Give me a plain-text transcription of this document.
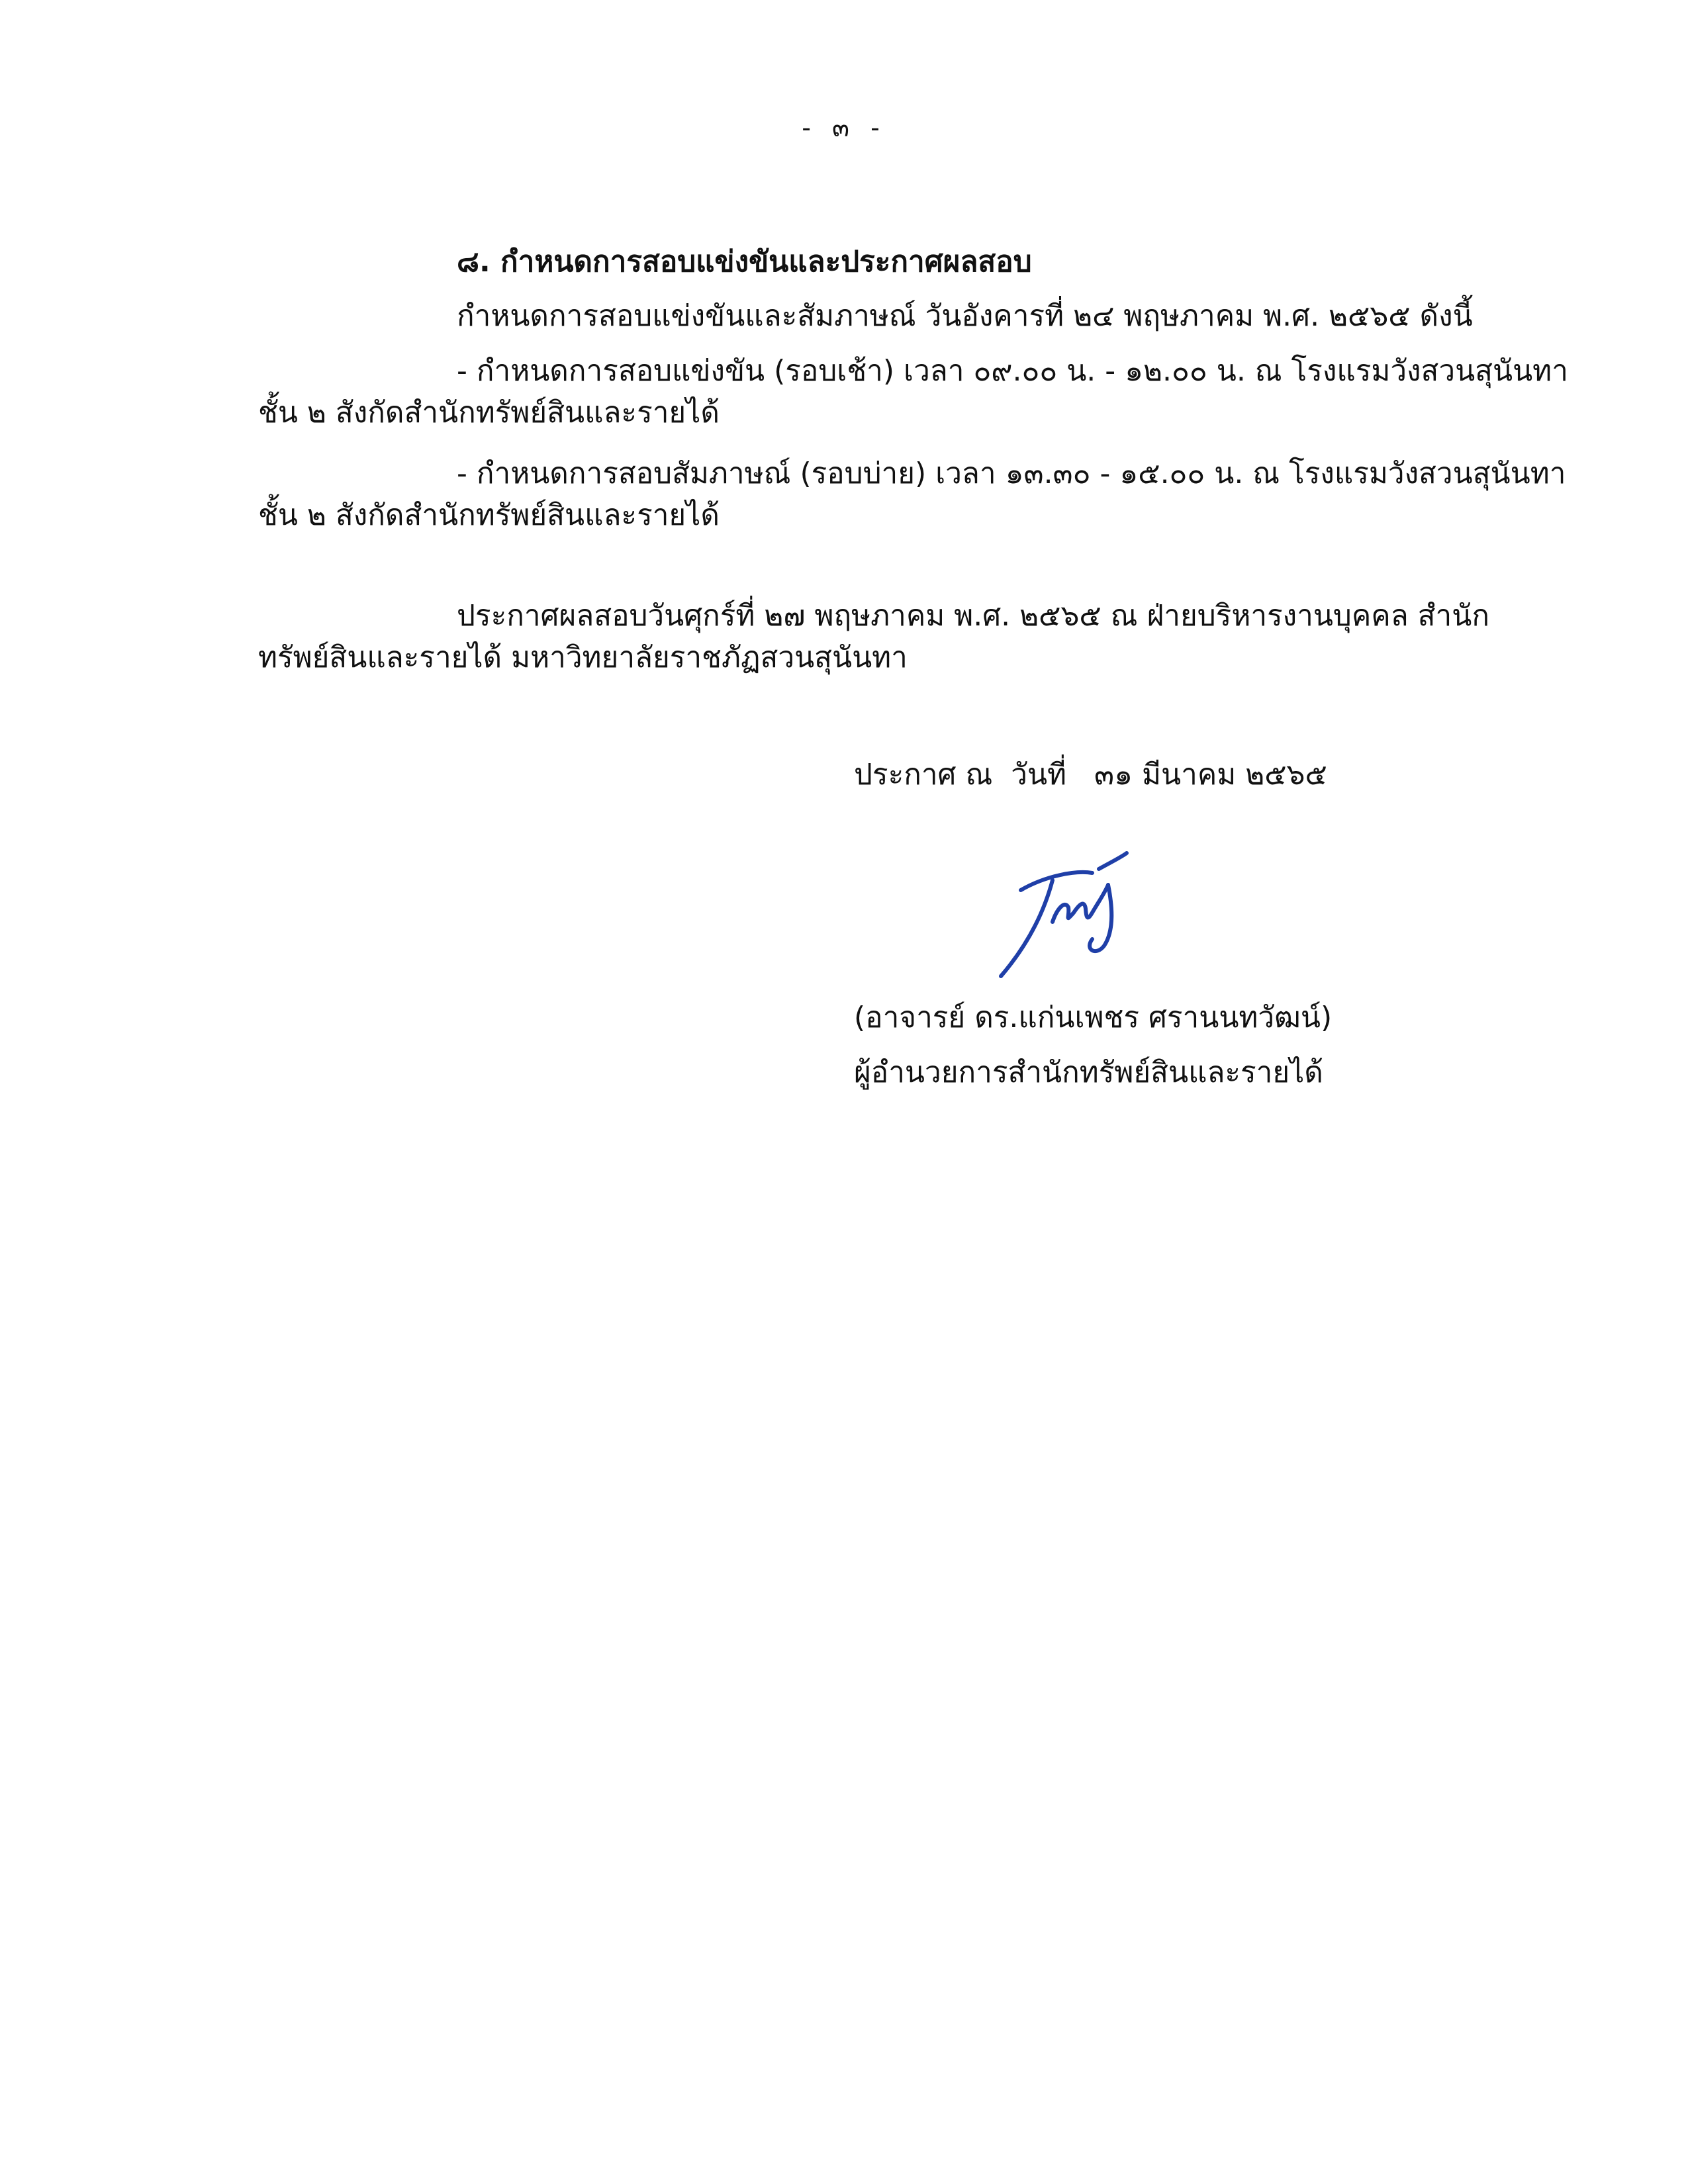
- ๓ -
๘. กำหนดการสอบแข่งขันและประกาศผลสอบ
กำหนดการสอบแข่งขันและสัมภาษณ์ วันอังคารที่ ๒๔ พฤษภาคม พ.ศ. ๒๕๖๕ ดังนี้
- กำหนดการสอบแข่งขัน (รอบเช้า) เวลา ๐๙.๐๐ น. - ๑๒.๐๐ น. ณ โรงแรมวังสวนสุนันทา
ชั้น ๒ สังกัดสำนักทรัพย์สินและรายได้
- กำหนดการสอบสัมภาษณ์ (รอบบ่าย) เวลา ๑๓.๓๐ - ๑๕.๐๐ น. ณ โรงแรมวังสวนสุนันทา
ชั้น ๒ สังกัดสำนักทรัพย์สินและรายได้
ประกาศผลสอบวันศุกร์ที่ ๒๗ พฤษภาคม พ.ศ. ๒๕๖๕ ณ ฝ่ายบริหารงานบุคคล สำนัก
ทรัพย์สินและรายได้ มหาวิทยาลัยราชภัฏสวนสุนันทา
ประกาศ ณ วันที่ ๓๑ มีนาคม ๒๕๖๕
(อาจารย์ ดร.แก่นเพชร ศรานนทวัฒน์)
ผู้อำนวยการสำนักทรัพย์สินและรายได้
